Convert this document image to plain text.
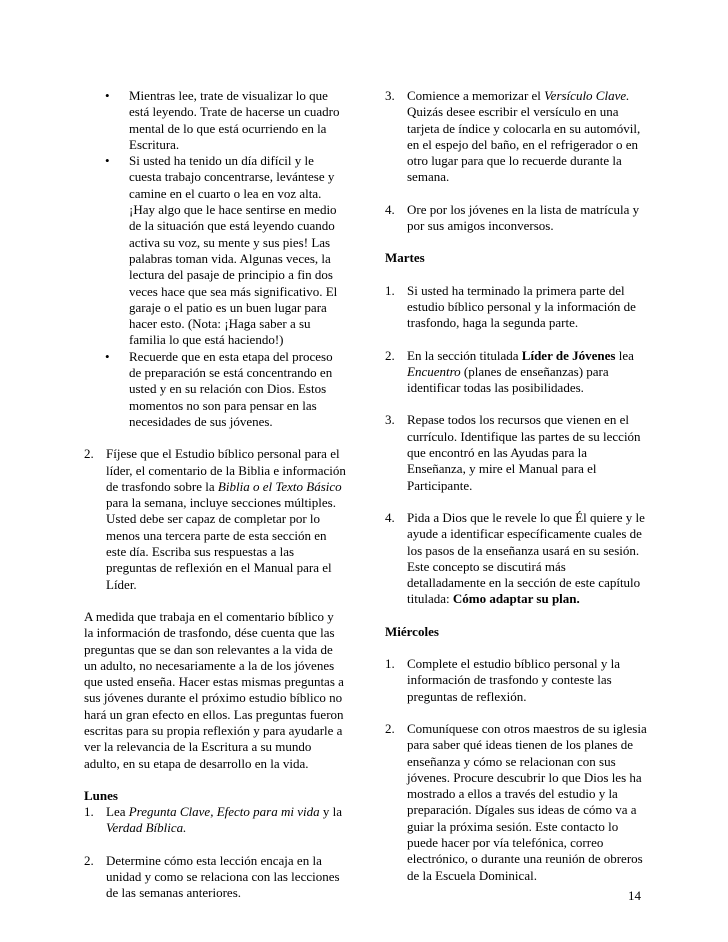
• Mientras lee, trate de visualizar lo que está leyendo. Trate de hacerse un cuadro mental de lo que está ocurriendo en la Escritura.
• Si usted ha tenido un día difícil y le cuesta trabajo concentrarse, levántese y camine en el cuarto o lea en voz alta. ¡Hay algo que le hace sentirse en medio de la situación que está leyendo cuando activa su voz, su mente y sus pies! Las palabras toman vida. Algunas veces, la lectura del pasaje de principio a fin dos veces hace que sea más significativo. El garaje o el patio es un buen lugar para hacer esto. (Nota: ¡Haga saber a su familia lo que está haciendo!)
• Recuerde que en esta etapa del proceso de preparación se está concentrando en usted y en su relación con Dios. Estos momentos no son para pensar en las necesidades de sus jóvenes.

2. Fíjese que el Estudio bíblico personal para el líder, el comentario de la Biblia e información de trasfondo sobre la Biblia o el Texto Básico para la semana, incluye secciones múltiples. Usted debe ser capaz de completar por lo menos una tercera parte de esta sección en este día. Escriba sus respuestas a las preguntas de reflexión en el Manual para el Líder.

A medida que trabaja en el comentario bíblico y la información de trasfondo, dése cuenta que las preguntas que se dan son relevantes a la vida de un adulto, no necesariamente a la de los jóvenes que usted enseña. Hacer estas mismas preguntas a sus jóvenes durante el próximo estudio bíblico no hará un gran efecto en ellos. Las preguntas fueron escritas para su propia reflexión y para ayudarle a ver la relevancia de la Escritura a su mundo adulto, en su etapa de desarrollo en la vida.

Lunes

1. Lea Pregunta Clave, Efecto para mi vida y la Verdad Bíblica.

2. Determine cómo esta lección encaja en la unidad y como se relaciona con las lecciones de las semanas anteriores.

3. Comience a memorizar el Versículo Clave. Quizás desee escribir el versículo en una tarjeta de índice y colocarla en su automóvil, en el espejo del baño, en el refrigerador o en otro lugar para que lo recuerde durante la semana.

4. Ore por los jóvenes en la lista de matrícula y por sus amigos inconversos.

Martes

1. Si usted ha terminado la primera parte del estudio bíblico personal y la información de trasfondo, haga la segunda parte.

2. En la sección titulada Líder de Jóvenes lea Encuentro (planes de enseñanzas) para identificar todas las posibilidades.

3. Repase todos los recursos que vienen en el currículo. Identifique las partes de su lección que encontró en las Ayudas para la Enseñanza, y mire el Manual para el Participante.

4. Pida a Dios que le revele lo que Él quiere y le ayude a identificar específicamente cuales de los pasos de la enseñanza usará en su sesión. Este concepto se discutirá más detalladamente en la sección de este capítulo titulada: Cómo adaptar su plan.

Miércoles

1. Complete el estudio bíblico personal y la información de trasfondo y conteste las preguntas de reflexión.

2. Comuníquese con otros maestros de su iglesia para saber qué ideas tienen de los planes de enseñanza y cómo se relacionan con sus jóvenes. Procure descubrir lo que Dios les ha mostrado a ellos a través del estudio y la preparación. Dígales sus ideas de cómo va a guiar la próxima sesión. Este contacto lo puede hacer por vía telefónica, correo electrónico, o durante una reunión de obreros de la Escuela Dominical.

14
